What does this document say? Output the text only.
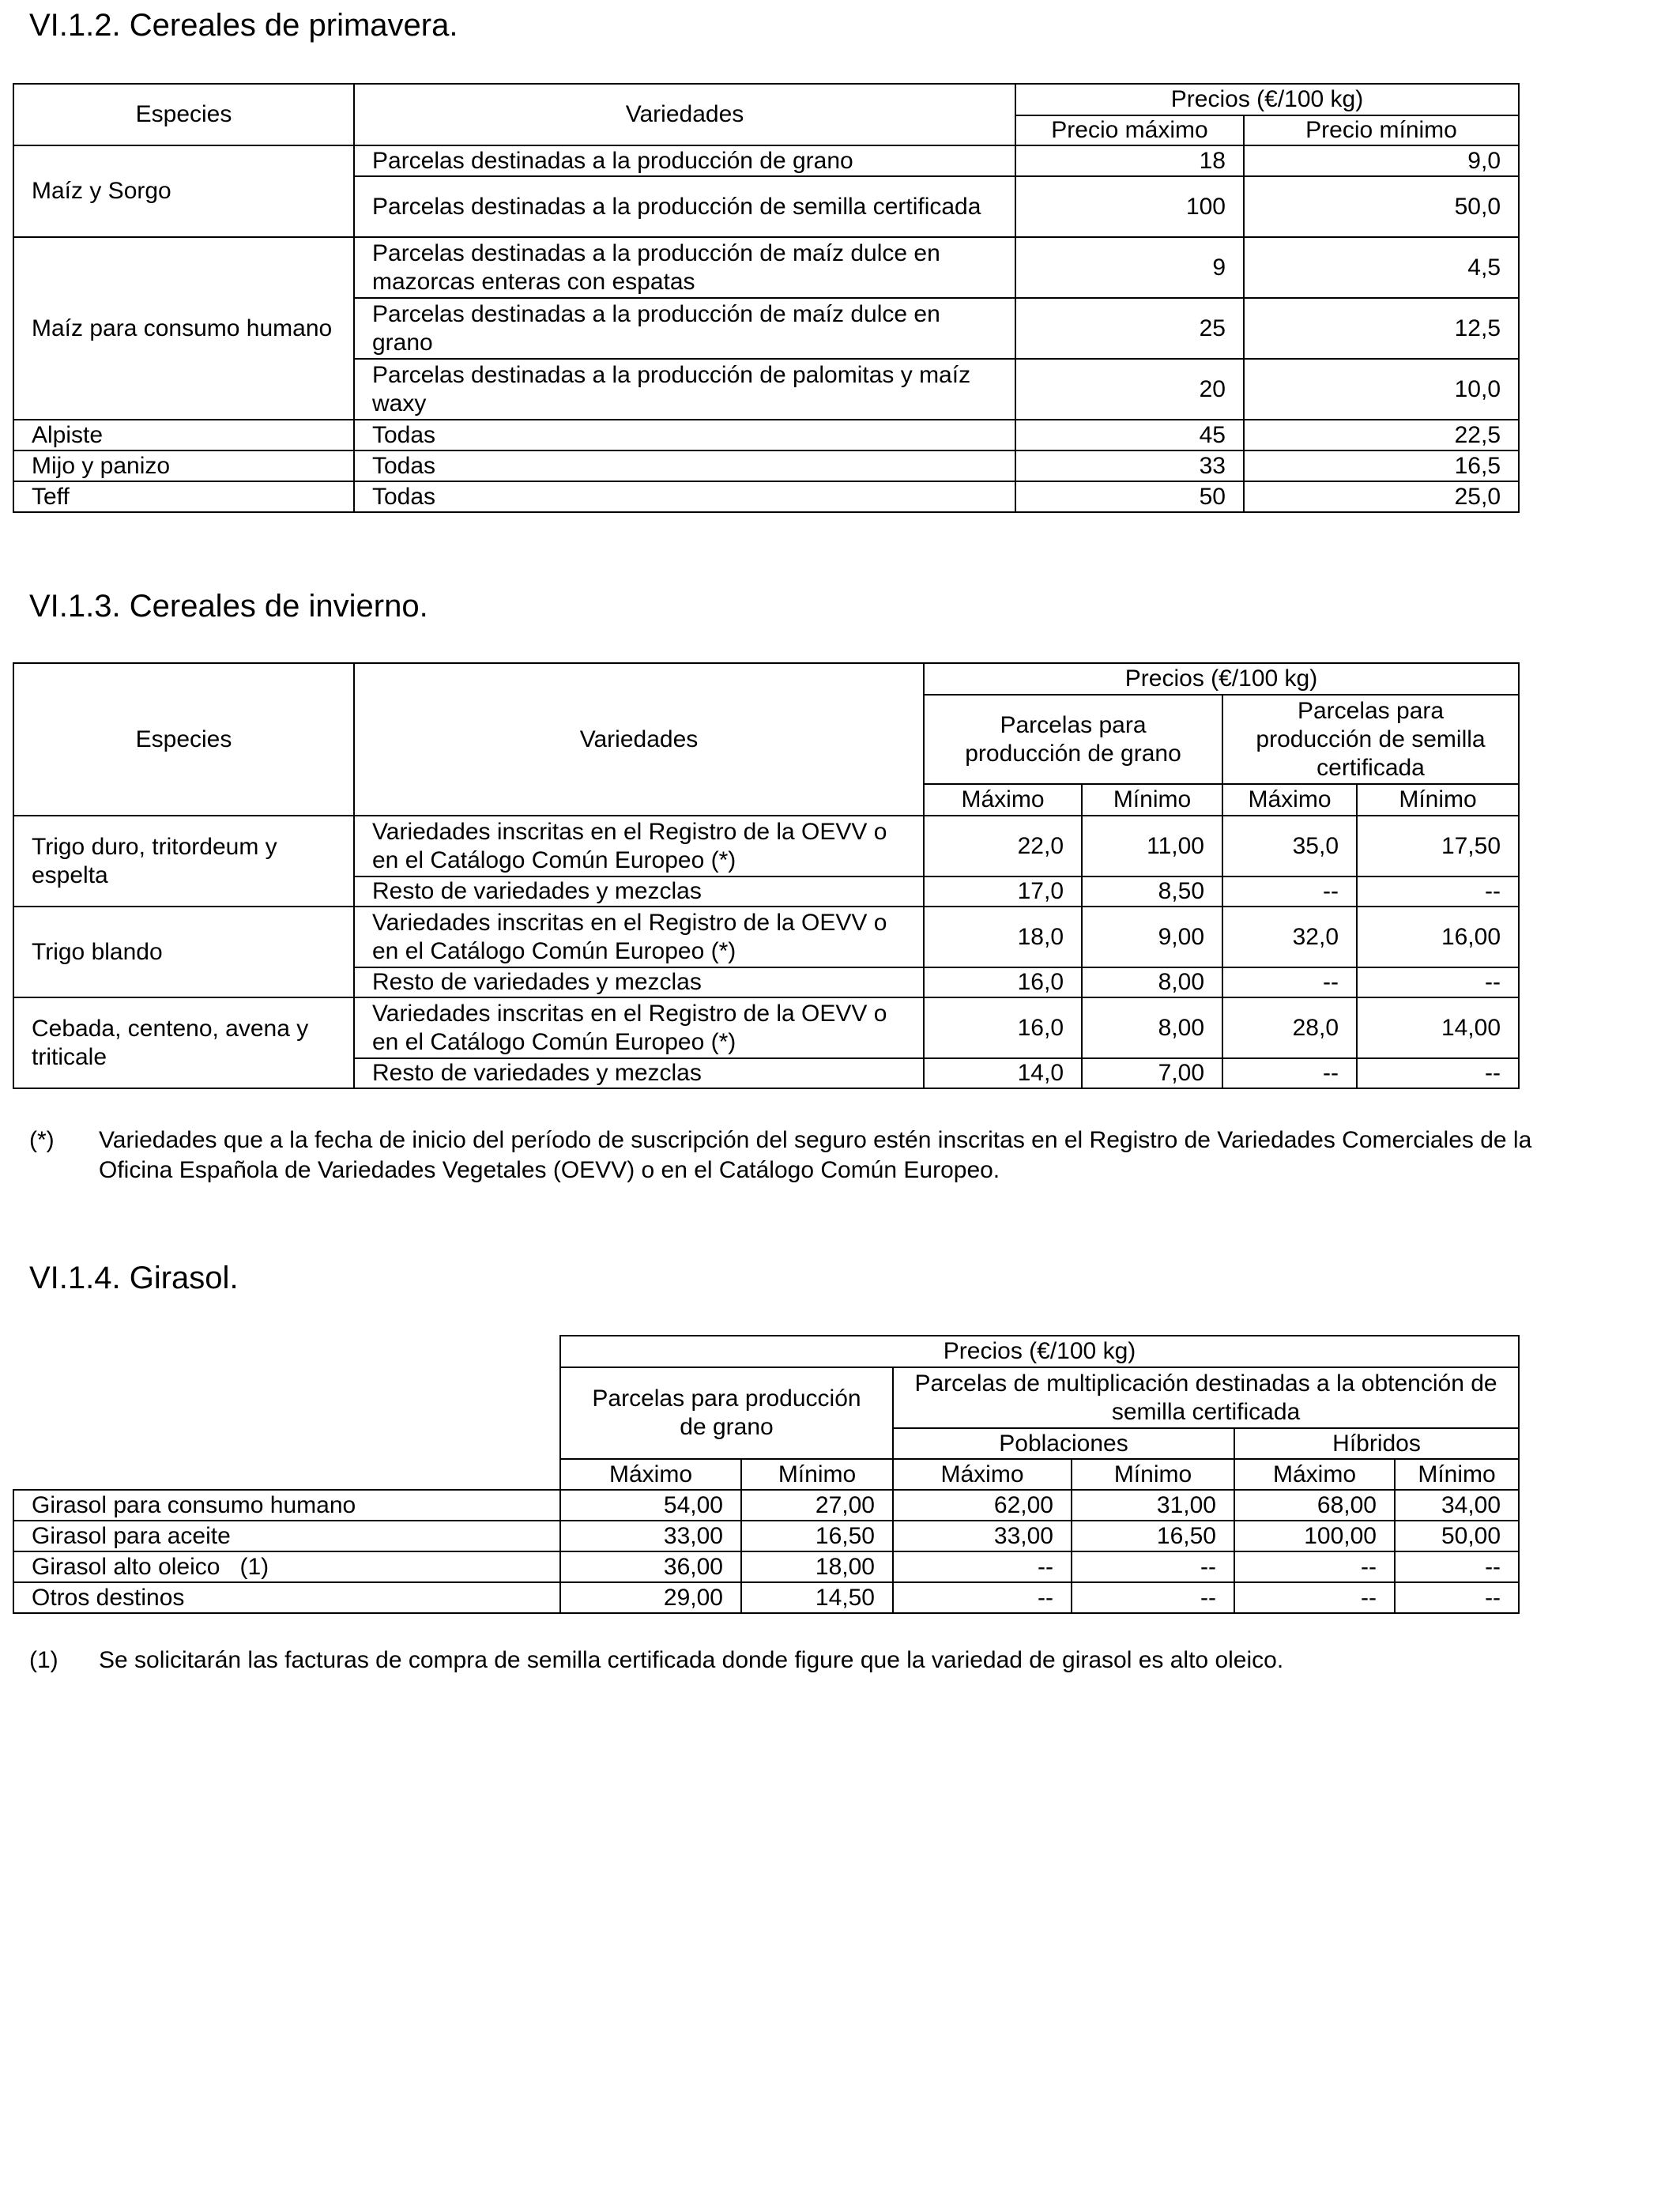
VI.1.2. Cereales de primavera.
Especies	Variedades	Precios (€/100 kg)	
		Precio máximo	Precio mínimo
Maíz y Sorgo	Parcelas destinadas a la producción de grano	18	9,0
	Parcelas destinadas a la producción de semilla certificada	100	50,0
Maíz para consumo humano	Parcelas destinadas a la producción de maíz dulce en mazorcas enteras con espatas	9	4,5
	Parcelas destinadas a la producción de maíz dulce en grano	25	12,5
	Parcelas destinadas a la producción de palomitas y maíz waxy	20	10,0
Alpiste	Todas	45	22,5
Mijo y panizo	Todas	33	16,5
Teff	Todas	50	25,0
VI.1.3. Cereales de invierno.
Especies	Variedades	Precios (€/100 kg)			
		Parcelas para producción de grano		Parcelas para producción de semilla certificada	
		Máximo	Mínimo	Máximo	Mínimo
Trigo duro, tritordeum y espelta	Variedades inscritas en el Registro de la OEVV o en el Catálogo Común Europeo (*)	22,0	11,00	35,0	17,50
	Resto de variedades y mezclas	17,0	8,50	--	--
Trigo blando	Variedades inscritas en el Registro de la OEVV o en el Catálogo Común Europeo (*)	18,0	9,00	32,0	16,00
	Resto de variedades y mezclas	16,0	8,00	--	--
Cebada, centeno, avena y triticale	Variedades inscritas en el Registro de la OEVV o en el Catálogo Común Europeo (*)	16,0	8,00	28,0	14,00
	Resto de variedades y mezclas	14,0	7,00	--	--
(*) Variedades que a la fecha de inicio del período de suscripción del seguro estén inscritas en el Registro de Variedades Comerciales de la
Oficina Española de Variedades Vegetales (OEVV) o en el Catálogo Común Europeo.
VI.1.4. Girasol.
	Precios (€/100 kg)					
	Parcelas para producción de grano		Parcelas de multiplicación destinadas a la obtención de semilla certificada			
			Poblaciones		Híbridos	
	Máximo	Mínimo	Máximo	Mínimo	Máximo	Mínimo
Girasol para consumo humano	54,00	27,00	62,00	31,00	68,00	34,00
Girasol para aceite	33,00	16,50	33,00	16,50	100,00	50,00
Girasol alto oleico   (1)	36,00	18,00	--	--	--	--
Otros destinos	29,00	14,50	--	--	--	--
(1) Se solicitarán las facturas de compra de semilla certificada donde figure que la variedad de girasol es alto oleico.
